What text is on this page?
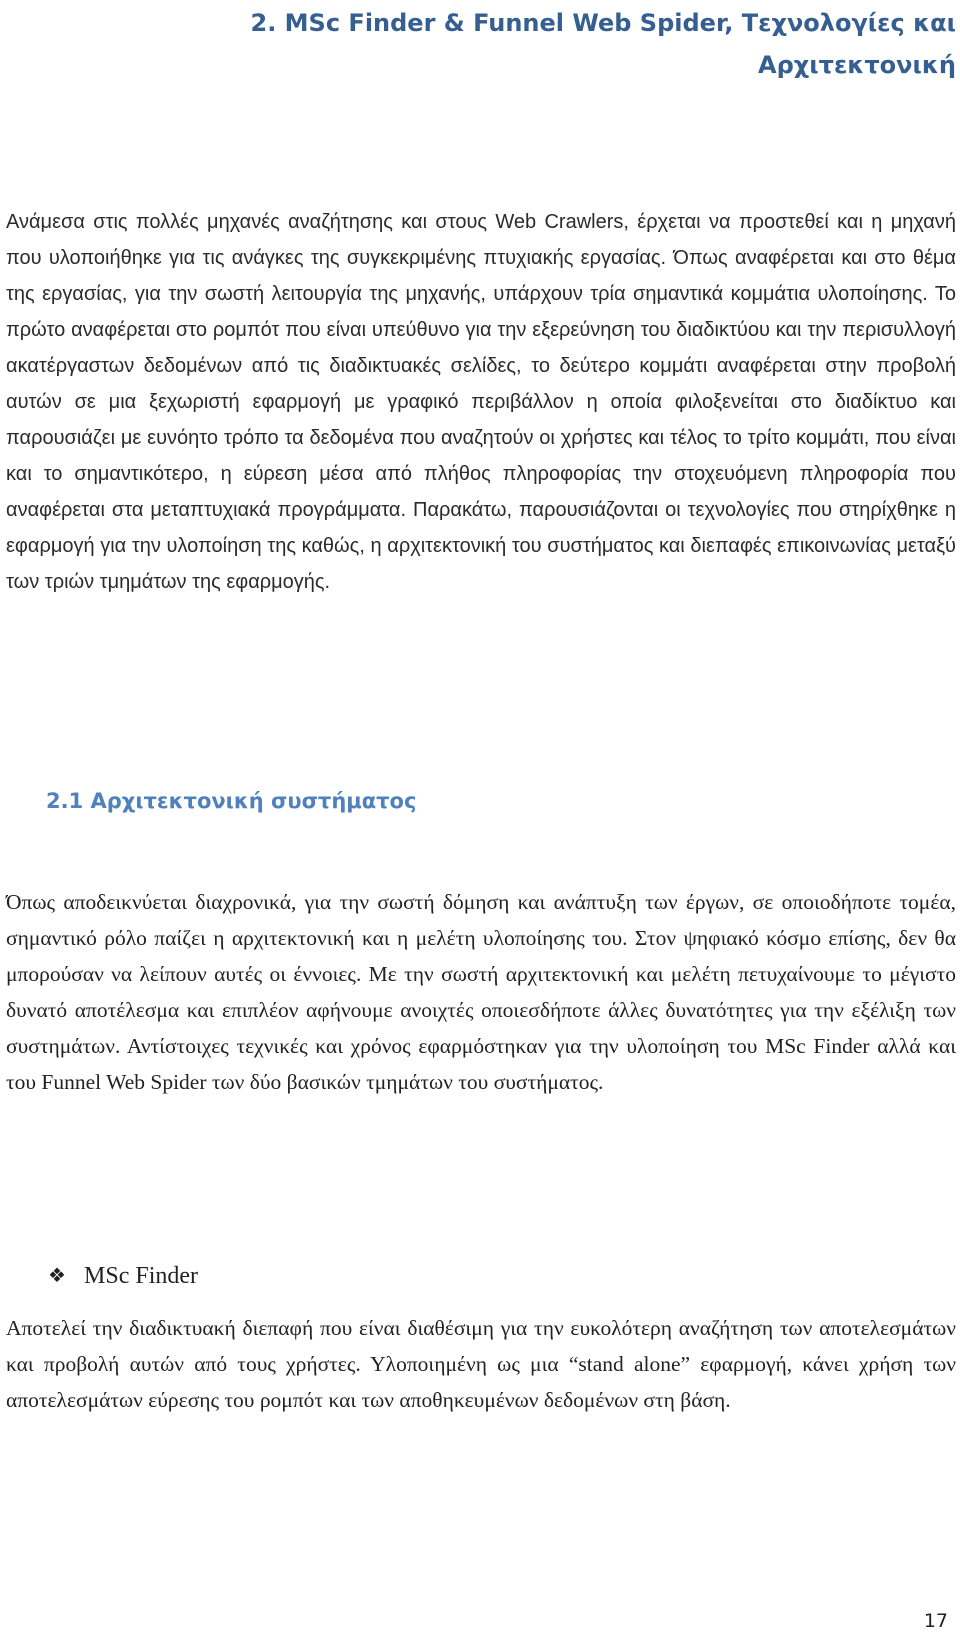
2. MSc Finder & Funnel Web Spider, Τεχνολογίες και Αρχιτεκτονική

Ανάμεσα στις πολλές μηχανές αναζήτησης και στους Web Crawlers, έρχεται να προστεθεί και η μηχανή που υλοποιήθηκε για τις ανάγκες της συγκεκριμένης πτυχιακής εργασίας. Όπως αναφέρεται και στο θέμα της εργασίας, για την σωστή λειτουργία της μηχανής, υπάρχουν τρία σημαντικά κομμάτια υλοποίησης. Το πρώτο αναφέρεται στο ρομπότ που είναι υπεύθυνο για την εξερεύνηση του διαδικτύου και την περισυλλογή ακατέργαστων δεδομένων από τις διαδικτυακές σελίδες, το δεύτερο κομμάτι αναφέρεται στην προβολή αυτών σε μια ξεχωριστή εφαρμογή με γραφικό περιβάλλον η οποία φιλοξενείται στο διαδίκτυο και παρουσιάζει με ευνόητο τρόπο τα δεδομένα που αναζητούν οι χρήστες και τέλος το τρίτο κομμάτι, που είναι και το σημαντικότερο, η εύρεση μέσα από πλήθος πληροφορίας την στοχευόμενη πληροφορία που αναφέρεται στα μεταπτυχιακά προγράμματα. Παρακάτω, παρουσιάζονται οι τεχνολογίες που στηρίχθηκε η εφαρμογή για την υλοποίηση της καθώς, η αρχιτεκτονική του συστήματος και διεπαφές επικοινωνίας μεταξύ των τριών τμημάτων της εφαρμογής.

2.1 Αρχιτεκτονική συστήματος

Όπως αποδεικνύεται διαχρονικά, για την σωστή δόμηση και ανάπτυξη των έργων, σε οποιοδήποτε τομέα, σημαντικό ρόλο παίζει η αρχιτεκτονική και η μελέτη υλοποίησης του. Στον ψηφιακό κόσμο επίσης, δεν θα μπορούσαν να λείπουν αυτές οι έννοιες. Με την σωστή αρχιτεκτονική και μελέτη πετυχαίνουμε το μέγιστο δυνατό αποτέλεσμα και επιπλέον αφήνουμε ανοιχτές οποιεσδήποτε άλλες δυνατότητες για την εξέλιξη των συστημάτων. Αντίστοιχες τεχνικές και χρόνος εφαρμόστηκαν για την υλοποίηση του MSc Finder αλλά και του Funnel Web Spider των δύο βασικών τμημάτων του συστήματος.

❖ MSc Finder

Αποτελεί την διαδικτυακή διεπαφή που είναι διαθέσιμη για την ευκολότερη αναζήτηση των αποτελεσμάτων και προβολή αυτών από τους χρήστες. Υλοποιημένη ως μια “stand alone” εφαρμογή, κάνει χρήση των αποτελεσμάτων εύρεσης του ρομπότ και των αποθηκευμένων δεδομένων στη βάση.

17
